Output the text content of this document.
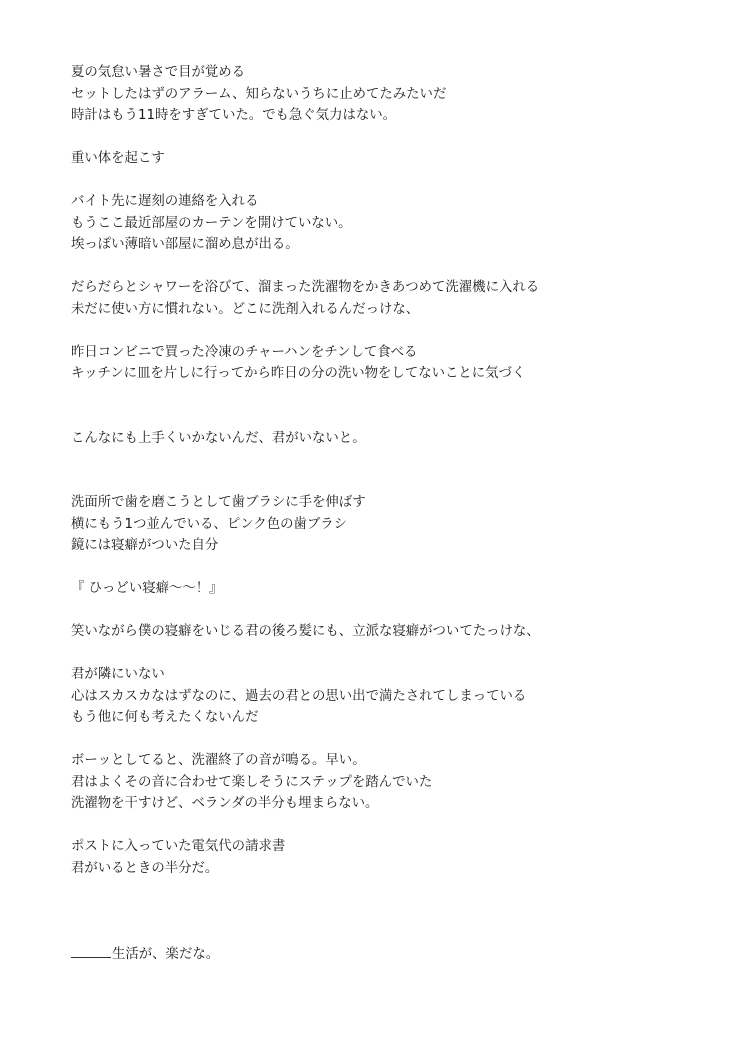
夏の気怠い暑さで目が覚める
セットしたはずのアラーム、知らないうちに止めてたみたいだ
時計はもう11時をすぎていた。でも急ぐ気力はない。
重い体を起こす
バイト先に遅刻の連絡を入れる
もうここ最近部屋のカーテンを開けていない。
埃っぽい薄暗い部屋に溜め息が出る。
だらだらとシャワーを浴びて、溜まった洗濯物をかきあつめて洗濯機に入れる
未だに使い方に慣れない。どこに洗剤入れるんだっけな、
昨日コンビニで買った冷凍のチャーハンをチンして食べる
キッチンに皿を片しに行ってから昨日の分の洗い物をしてないことに気づく
こんなにも上手くいかないんだ、君がいないと。
洗面所で歯を磨こうとして歯ブラシに手を伸ばす
横にもう1つ並んでいる、ピンク色の歯ブラシ
鏡には寝癖がついた自分
『 ひっどい寝癖〜〜！』
笑いながら僕の寝癖をいじる君の後ろ髪にも、立派な寝癖がついてたっけな、
君が隣にいない
心はスカスカなはずなのに、過去の君との思い出で満たされてしまっている
もう他に何も考えたくないんだ
ボーッとしてると、洗濯終了の音が鳴る。早い。
君はよくその音に合わせて楽しそうにステップを踏んでいた
洗濯物を干すけど、ベランダの半分も埋まらない。
ポストに入っていた電気代の請求書
君がいるときの半分だ。
生活が、楽だな。
